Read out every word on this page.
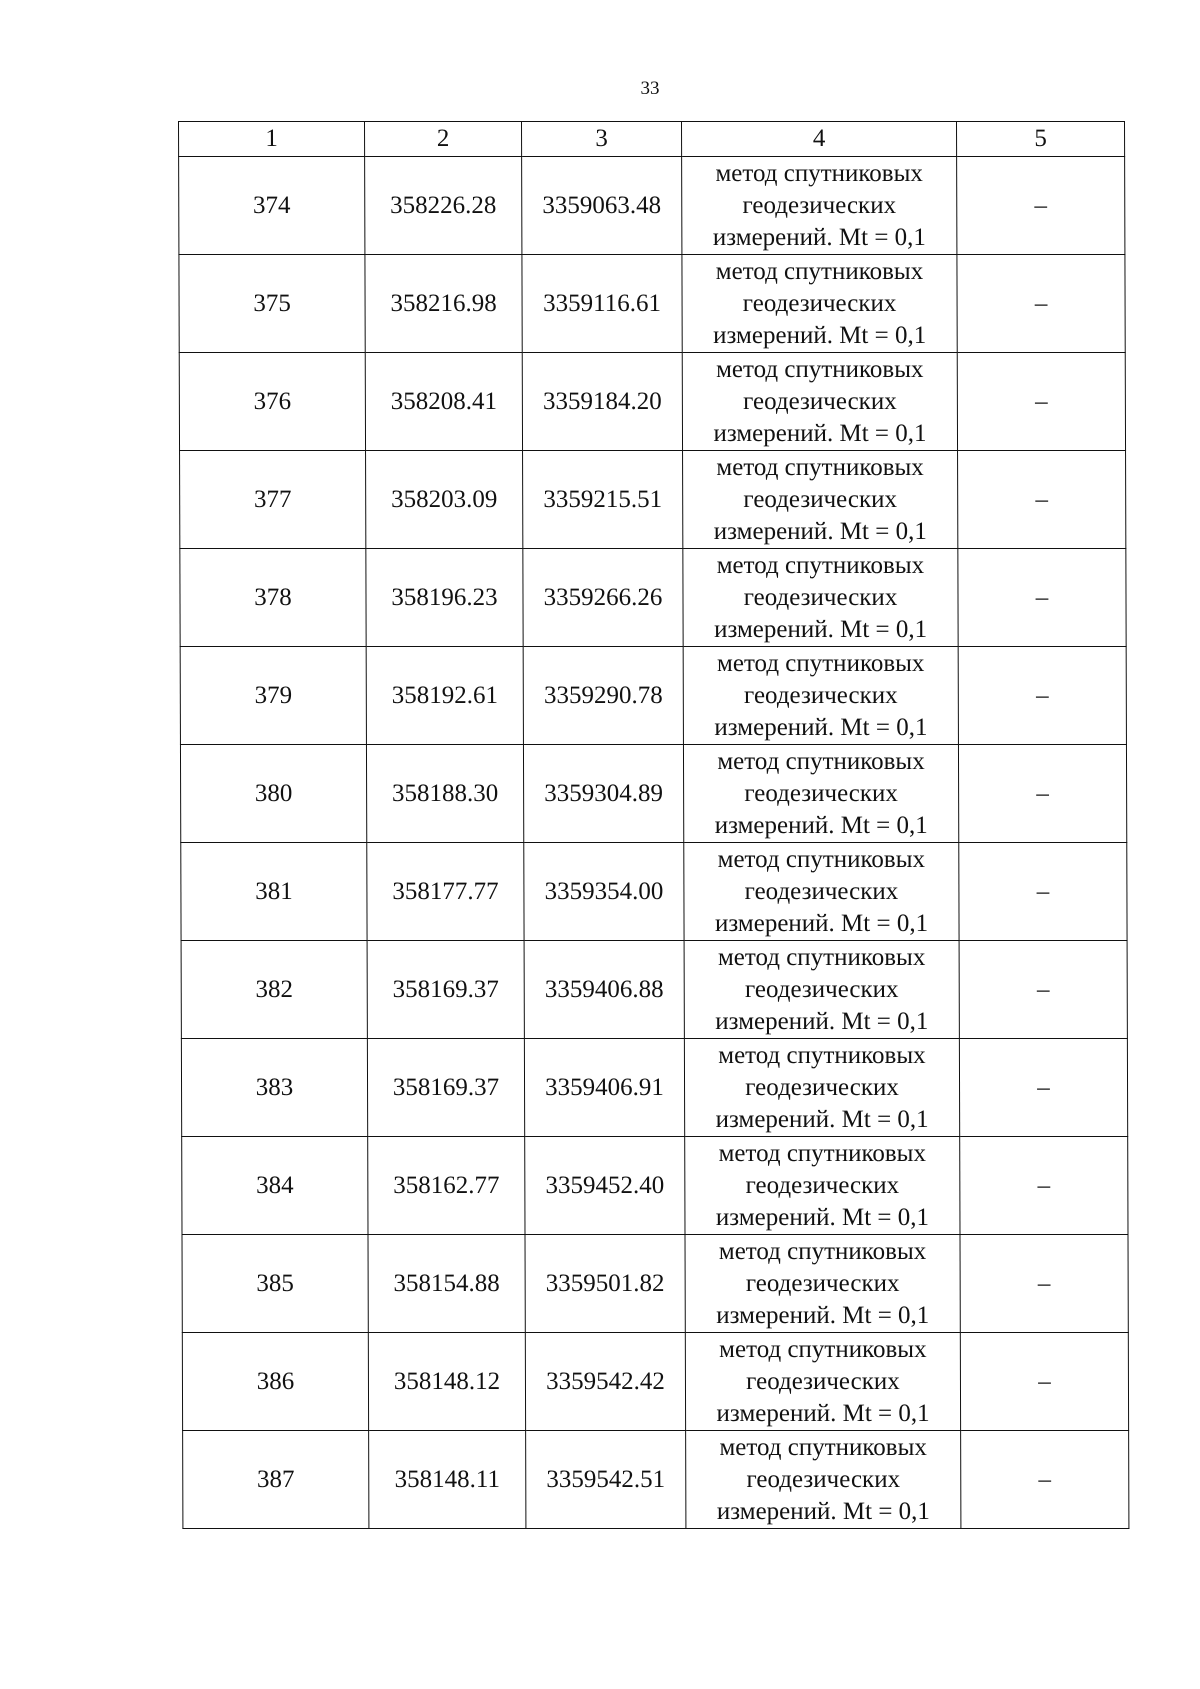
33
1	2	3	4	5
374	358226.28	3359063.48	метод спутниковых
геодезических
измерений. Mt = 0,1	–
375	358216.98	3359116.61	метод спутниковых
геодезических
измерений. Mt = 0,1	–
376	358208.41	3359184.20	метод спутниковых
геодезических
измерений. Mt = 0,1	–
377	358203.09	3359215.51	метод спутниковых
геодезических
измерений. Mt = 0,1	–
378	358196.23	3359266.26	метод спутниковых
геодезических
измерений. Mt = 0,1	–
379	358192.61	3359290.78	метод спутниковых
геодезических
измерений. Mt = 0,1	–
380	358188.30	3359304.89	метод спутниковых
геодезических
измерений. Mt = 0,1	–
381	358177.77	3359354.00	метод спутниковых
геодезических
измерений. Mt = 0,1	–
382	358169.37	3359406.88	метод спутниковых
геодезических
измерений. Mt = 0,1	–
383	358169.37	3359406.91	метод спутниковых
геодезических
измерений. Mt = 0,1	–
384	358162.77	3359452.40	метод спутниковых
геодезических
измерений. Mt = 0,1	–
385	358154.88	3359501.82	метод спутниковых
геодезических
измерений. Mt = 0,1	–
386	358148.12	3359542.42	метод спутниковых
геодезических
измерений. Mt = 0,1	–
387	358148.11	3359542.51	метод спутниковых
геодезических
измерений. Mt = 0,1	–
